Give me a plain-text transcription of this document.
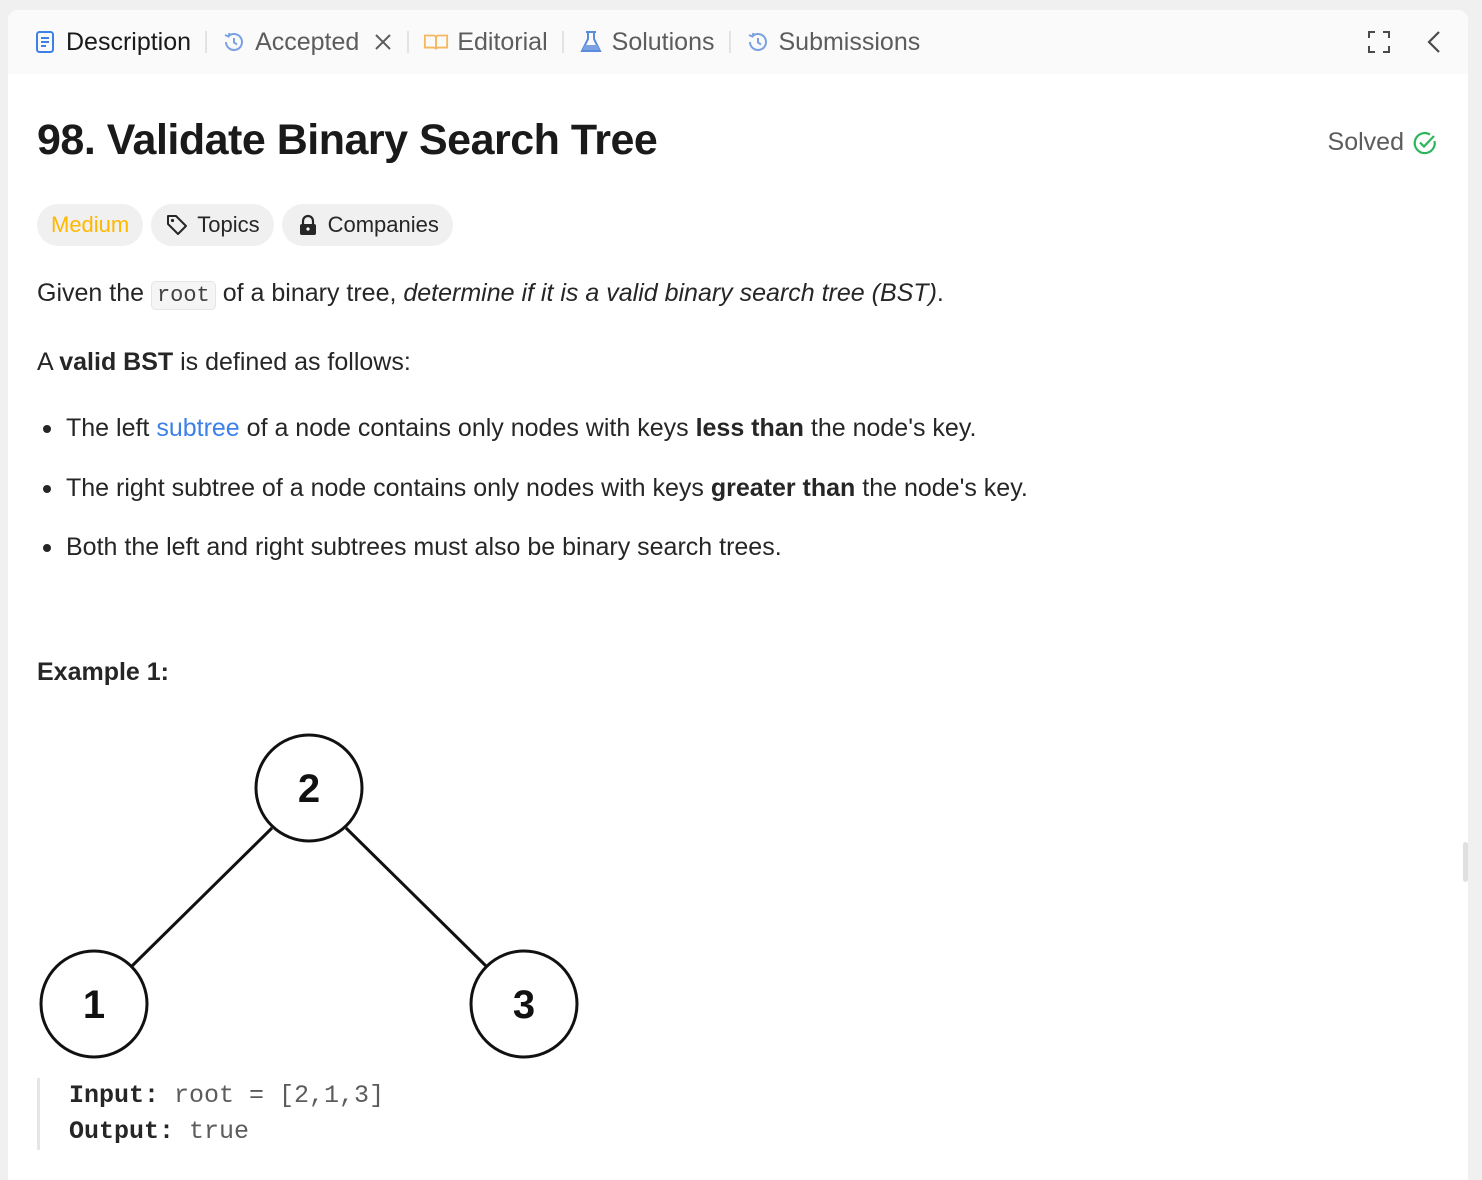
Description	Accepted	Editorial	Solutions	Submissions
98. Validate Binary Search Tree	Solved
Medium	Topics	Companies

Given the root of a binary tree, determine if it is a valid binary search tree (BST).

A valid BST is defined as follows:

The left subtree of a node contains only nodes with keys less than the node's key.
The right subtree of a node contains only nodes with keys greater than the node's key.
Both the left and right subtrees must also be binary search trees.
Example 1:
2
1	3
Input: root = [2,1,3]
Output: true
